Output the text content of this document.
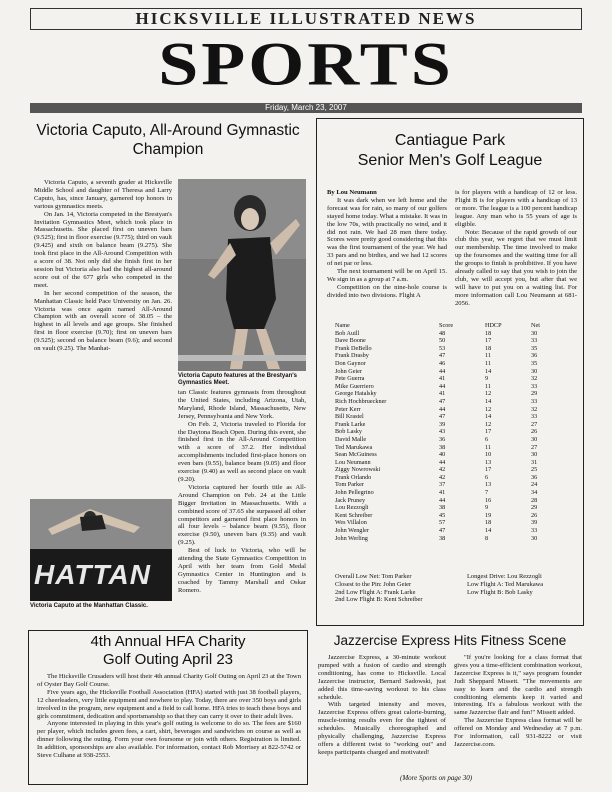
HICKSVILLE ILLUSTRATED NEWS
SPORTS
Friday, March 23, 2007
Victoria Caputo, All-Around Gymnastic Champion

Victoria Caputo, a seventh grader at Hicksville Middle School and daughter of Theresa and Larry Caputo, has, since January, garnered top honors in various gymnastics meets.

On Jan. 14, Victoria competed in the Brestyan's Invitation Gymnastics Meet, which took place in Massachusetts. She placed first on uneven bars (9.525); first in floor exercise (9.775); third on vault (9.425) and sixth on balance beam (9.275). She took first place in the All-Around Competition with a score of 38. Not only did she finish first in her session but Victoria also had the highest all-around score out of the 677 girls who competed in the meet.

In her second competition of the season, the Manhattan Classic held Pace University on Jan. 26. Victoria was once again named All-Around Champion with an overall score of 38.05 – the highest in all levels and age groups. She finished first in floor exercise (9.70); first on uneven bars (9.525); second on balance beam (9.6); and second on vault (9.25). The Manhat-

Victoria Caputo features at the Brestyan's Gymnastics Meet.

tan Classic features gymnasts from throughout the United States, including Arizona, Utah, Maryland, Rhode Island, Massachusetts, New Jersey, Pennsylvania and New York.

On Feb. 2, Victoria traveled to Florida for the Daytona Beach Open. During this event, she finished first in the All-Around Competition with a score of 37.2. Her individual accomplishments included first-place honors on even bars (9.55), balance beam (9.05) and floor exercise (9.40) as well as second place on vault (9.20).

Victoria captured her fourth title as All-Around Champion on Feb. 24 at the Little Bigger Invitation in Massachusetts. With a combined score of 37.65 she surpassed all other competitors and garnered first place honors in all four levels – balance beam (9.55), floor exercise (9.50), uneven bars (9.35) and vault (9.25).

Best of luck to Victoria, who will be attending the State Gymnastics Competition in April with her team from Gold Medal Gymnastics Center in Huntington and is coached by Tammy Marshall and Oskar Romero.

HATTAN
Victoria Caputo at the Manhattan Classic.
Cantiague Park
Senior Men's Golf League
By Lou Neumann

It was dark when we left home and the forecast was for rain, so many of our golfers stayed home today. What a mistake. It was in the low 70s, with practically no wind, and it did not rain. We had 28 men there today. Scores were pretty good considering that this was the first tournament of the year. We had 33 pars and no birdies, and we had 12 scores of net par or less.

The next tournament will be on April 15. We sign in as a group at 7 a.m.

Competition on the nine-hole course is divided into two divisions. Flight A

is for players with a handicap of 12 or less. Flight B is for players with a handicap of 13 or more. The league is a 100 percent handicap league. Any man who is 55 years of age is eligible.

Note: Because of the rapid growth of our club this year, we regret that we must limit our membership. The time involved to make up the foursomes and the waiting time for all the groups to finish is prohibitive. If you have already called to say that you wish to join the club, we will accept you, but after that we will have to put you on a waiting list. For more information call Lou Neumann at 681-2056.

Name	Score	HDCP	Net
Bob Auill	48	18	30
Dave Boone	50	17	33
Frank DeBello	53	18	35
Frank Drasby	47	11	36
Don Gaynor	46	11	35
John Geier	44	14	30
Pete Guerra	41	9	32
Mike Guerriero	44	11	33
George Hatalsky	41	12	29
Rich Hochbrueckner	47	14	33
Peter Kerr	44	12	32
Bill Krastel	47	14	33
Frank Larke	39	12	27
Bob Lasky	43	17	26
David Malle	36	6	30
Ted Marukawa	38	11	27
Sean McGuiness	40	10	30
Lou Neumann	44	13	31
Ziggy Nowrowski	42	17	25
Frank Orlando	42	6	36
Tom Parker	37	13	24
John Pellegrino	41	7	34
Jack Pruney	44	16	28
Lou Rezzogli	38	9	29
Kent Schreiber	45	19	26
Wes Villalon	57	18	39
John Wengler	47	14	33
John Werling	38	8	30
Overall Low Net: Tom Parker
Closest to the Pin: John Geier
2nd Low Flight A: Frank Larke
2nd Low Flight B: Kent Schreiber
Longest Drive: Lou Rezzogli
Low Flight A: Ted Marukawa
Low Flight B: Bob Lasky
4th Annual HFA Charity
Golf Outing April 23

The Hicksville Crusaders will host their 4th annual Charity Golf Outing on April 23 at the Town of Oyster Bay Golf Course.

Five years ago, the Hicksville Football Association (HFA) started with just 38 football players, 12 cheerleaders, very little equipment and nowhere to play. Today, there are over 350 boys and girls involved in the program, new equipment and a field to call home. HFA tries to teach these boys and girls commitment, dedication and sportsmanship so that they can carry it over to their adult lives.

Anyone interested in playing in this year's golf outing is welcome to do so. The fees are $160 per player, which includes green fees, a cart, shirt, beverages and sandwiches on course as well as dinner following the outing. Form your own foursome or join with others. Registration is limited. In addition, sponsorships are also available. For information, contact Rob Morrisey at 822-5742 or Steve Culhane at 938-2553.

Jazzercise Express Hits Fitness Scene

Jazzercise Express, a 30-minute workout pumped with a fusion of cardio and strength conditioning, has come to Hicksville. Local Jazzercise instructor, Bernard Sadowski, just added this time-saving workout to his class schedule.

With targeted intensity and moves, Jazzercise Express offers great calorie-burning, muscle-toning results even for the tightest of schedules. Musically choreographed and physically challenging, Jazzercise Express offers a different twist to "working out" and keeps participants charged and motivated!

"If you're looking for a class format that gives you a time-efficient combination workout, Jazzercise Express is it," says program founder Judi Sheppard Missett. "The movements are easy to learn and the cardio and strength conditioning elements keep it varied and interesting. It's a fabulous workout with the same Jazzercise flair and fun!" Missett added.

The Jazzercise Express class format will be offered on Monday and Wednesday at 7 p.m. For information, call 931-8222 or visit Jazzercise.com.

(More Sports on page 30)
